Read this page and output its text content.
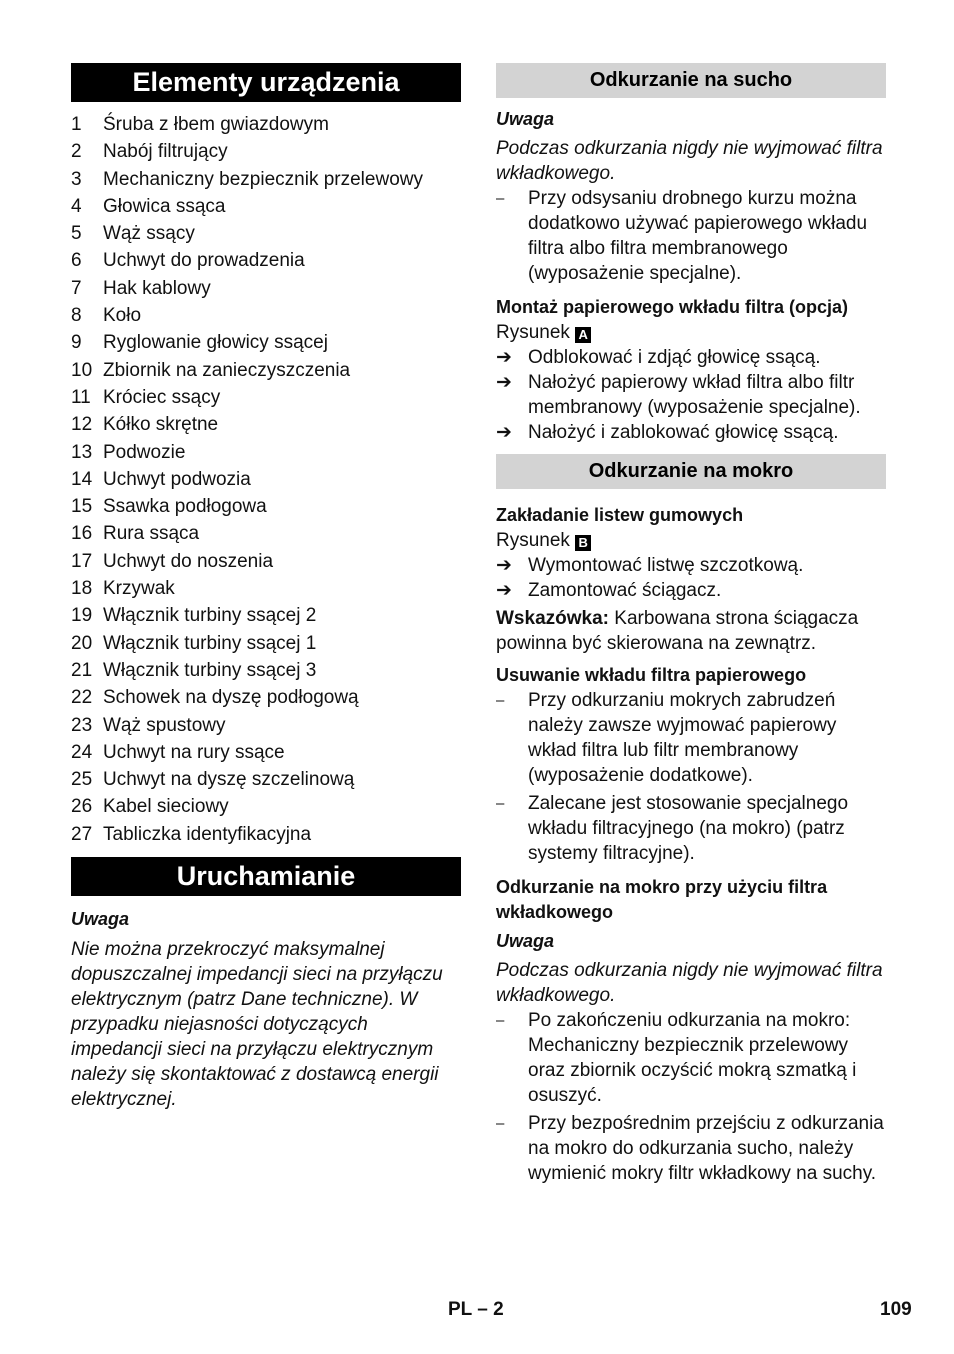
Elementy urządzenia
1	Śruba z łbem gwiazdowym
2	Nabój filtrujący
3	Mechaniczny bezpiecznik przelewowy
4	Głowica ssąca
5	Wąż ssący
6	Uchwyt do prowadzenia
7	Hak kablowy
8	Koło
9	Ryglowanie głowicy ssącej
10 Zbiornik na zanieczyszczenia
11 Króciec ssący
12 Kółko skrętne
13 Podwozie
14 Uchwyt podwozia
15 Ssawka podłogowa
16 Rura ssąca
17 Uchwyt do noszenia
18 Krzywak
19 Włącznik turbiny ssącej 2
20 Włącznik turbiny ssącej 1
21 Włącznik turbiny ssącej 3
22 Schowek na dyszę podłogową
23 Wąż spustowy
24 Uchwyt na rury ssące
25 Uchwyt na dyszę szczelinową
26 Kabel sieciowy
27 Tabliczka identyfikacyjna
Uruchamianie
Uwaga
Nie można przekroczyć maksymalnej dopuszczalnej impedancji sieci na przyłączu elektrycznym (patrz Dane techniczne). W przypadku niejasności dotyczących impedancji sieci na przyłączu elektrycznym należy się skontaktować z dostawcą energii elektrycznej.
Odkurzanie na sucho
Uwaga
Podczas odkurzania nigdy nie wyjmować filtra wkładkowego.
–	Przy odsysaniu drobnego kurzu można dodatkowo używać papierowego wkładu filtra albo filtra membranowego (wyposażenie specjalne).
Montaż papierowego wkładu filtra (opcja)
Rysunek A
➔ Odblokować i zdjąć głowicę ssącą.
➔ Nałożyć papierowy wkład filtra albo filtr membranowy (wyposażenie specjalne).
➔ Nałożyć i zablokować głowicę ssącą.
Odkurzanie na mokro
Zakładanie listew gumowych
Rysunek B
➔ Wymontować listwę szczotkową.
➔ Zamontować ściągacz.
Wskazówka: Karbowana strona ściągacza powinna być skierowana na zewnątrz.
Usuwanie wkładu filtra papierowego
–	Przy odkurzaniu mokrych zabrudzeń należy zawsze wyjmować papierowy wkład filtra lub filtr membranowy (wyposażenie dodatkowe).
–	Zalecane jest stosowanie specjalnego wkładu filtracyjnego (na mokro) (patrz systemy filtracyjne).
Odkurzanie na mokro przy użyciu filtra wkładkowego
Uwaga
Podczas odkurzania nigdy nie wyjmować filtra wkładkowego.
–	Po zakończeniu odkurzania na mokro: Mechaniczny bezpiecznik przelewowy oraz zbiornik oczyścić mokrą szmatką i osuszyć.
–	Przy bezpośrednim przejściu z odkurzania na mokro do odkurzania sucho, należy wymienić mokry filtr wkładkowy na suchy.
PL – 2	109
